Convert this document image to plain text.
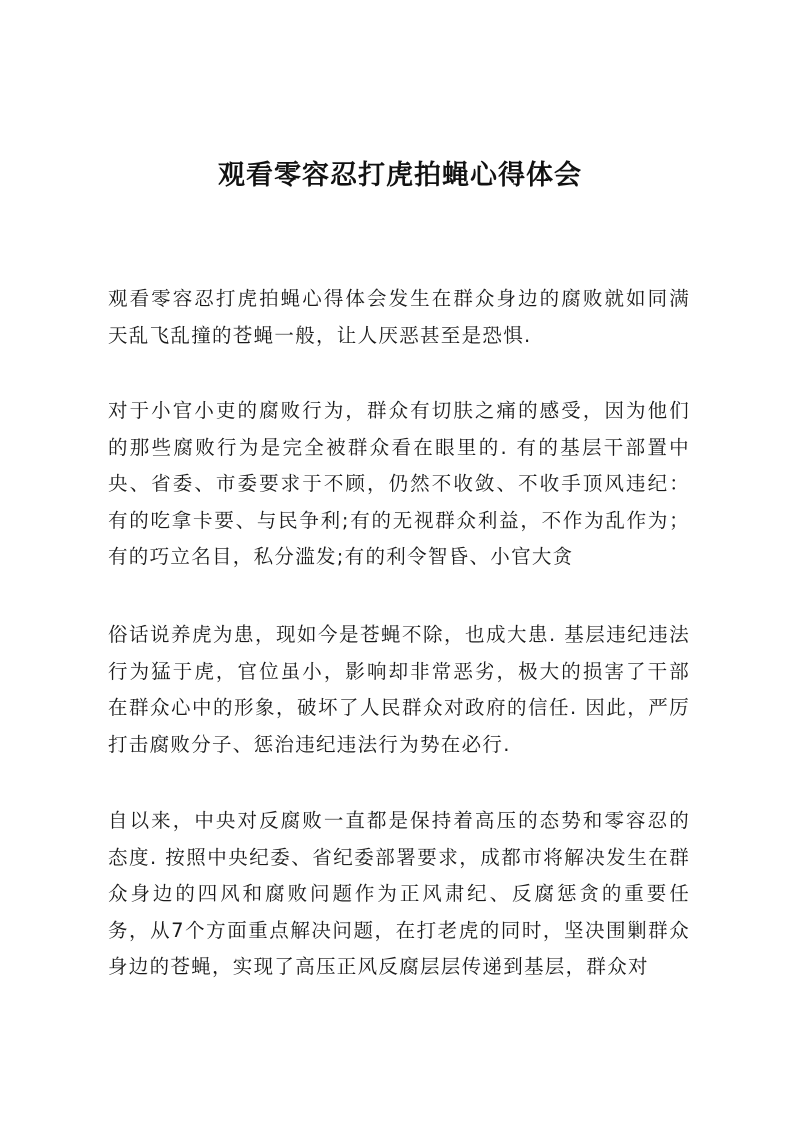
观看零容忍打虎拍蝇心得体会

观看零容忍打虎拍蝇心得体会发生在群众身边的腐败就如同满天乱飞乱撞的苍蝇一般，让人厌恶甚至是恐惧.

对于小官小吏的腐败行为，群众有切肤之痛的感受，因为他们的那些腐败行为是完全被群众看在眼里的. 有的基层干部置中央、省委、市委要求于不顾，仍然不收敛、不收手顶风违纪：有的吃拿卡要、与民争利;有的无视群众利益，不作为乱作为；有的巧立名目，私分滥发;有的利令智昏、小官大贪

俗话说养虎为患，现如今是苍蝇不除，也成大患. 基层违纪违法行为猛于虎，官位虽小，影响却非常恶劣，极大的损害了干部在群众心中的形象，破坏了人民群众对政府的信任. 因此，严厉打击腐败分子、惩治违纪违法行为势在必行.

自以来，中央对反腐败一直都是保持着高压的态势和零容忍的态度. 按照中央纪委、省纪委部署要求，成都市将解决发生在群众身边的四风和腐败问题作为正风肃纪、反腐惩贪的重要任务，从7个方面重点解决问题，在打老虎的同时，坚决围剿群众身边的苍蝇，实现了高压正风反腐层层传递到基层，群众对
